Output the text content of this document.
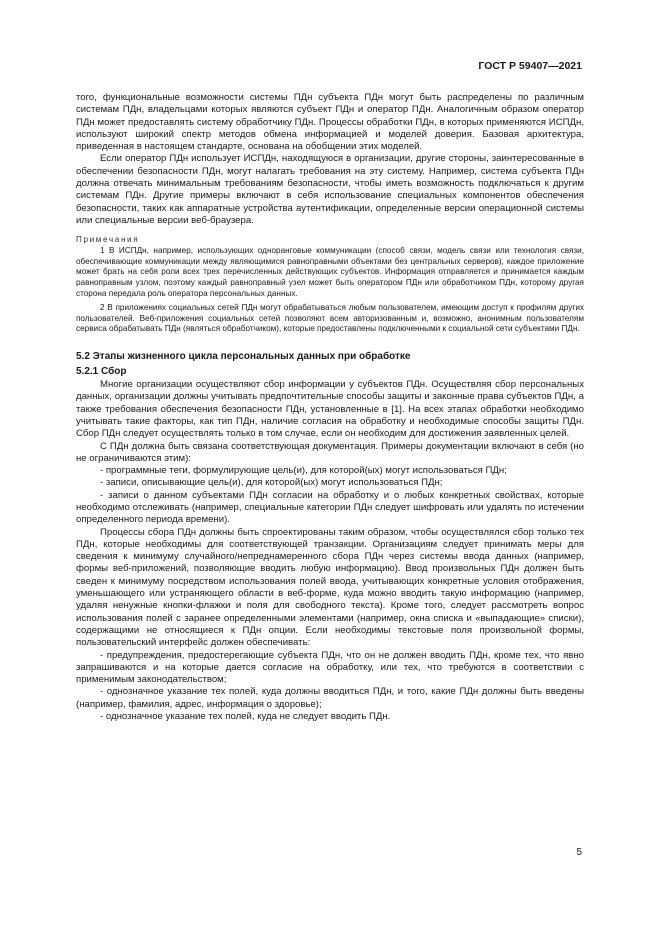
ГОСТ Р 59407—2021

того, функциональные возможности системы ПДн субъекта ПДн могут быть распределены по различным системам ПДн, владельцами которых являются субъект ПДн и оператор ПДн. Аналогичным образом оператор ПДн может предоставлять систему обработчику ПДн. Процессы обработки ПДн, в которых применяются ИСПДн, используют широкий спектр методов обмена информацией и моделей доверия. Базовая архитектура, приведенная в настоящем стандарте, основана на обобщении этих моделей.

Если оператор ПДн использует ИСПДн, находящуюся в организации, другие стороны, заинтересованные в обеспечении безопасности ПДн, могут налагать требования на эту систему. Например, система субъекта ПДн должна отвечать минимальным требованиям безопасности, чтобы иметь возможность подключаться к другим системам ПДн. Другие примеры включают в себя использование специальных компонентов обеспечения безопасности, таких как аппаратные устройства аутентификации, определенные версии операционной системы или специальные версии веб-браузера.

Примечания

1 В ИСПДн, например, использующих одноранговые коммуникации (способ связи, модель связи или технология связи, обеспечивающие коммуникации между являющимися равноправными объектами без центральных серверов), каждое приложение может брать на себя роли всех трех перечисленных действующих субъектов. Информация отправляется и принимается каждым равноправным узлом, поэтому каждый равноправный узел может быть оператором ПДн или обработчиком ПДн, которому другая сторона передала роль оператора персональных данных.

2 В приложениях социальных сетей ПДн могут обрабатываться любым пользователем, имеющим доступ к профилям других пользователей. Веб-приложения социальных сетей позволяют всем авторизованным и, возможно, анонимным пользователям сервиса обрабатывать ПДн (являться обработчиком), которые предоставлены подключенными к социальной сети субъектами ПДн.

5.2 Этапы жизненного цикла персональных данных при обработке
5.2.1 Сбор

Многие организации осуществляют сбор информации у субъектов ПДн. Осуществляя сбор персональных данных, организации должны учитывать предпочтительные способы защиты и законные права субъектов ПДн, а также требования обеспечения безопасности ПДн, установленные в [1]. На всех этапах обработки необходимо учитывать такие факторы, как тип ПДн, наличие согласия на обработку и необходимые способы защиты ПДн. Сбор ПДн следует осуществлять только в том случае, если он необходим для достижения заявленных целей.

С ПДн должна быть связана соответствующая документация. Примеры документации включают в себя (но не ограничиваются этим):

- программные теги, формулирующие цель(и), для которой(ых) могут использоваться ПДн;

- записи, описывающие цель(и), для которой(ых) могут использоваться ПДн;

- записи о данном субъектами ПДн согласии на обработку и о любых конкретных свойствах, которые необходимо отслеживать (например, специальные категории ПДн следует шифровать или удалять по истечении определенного периода времени).

Процессы сбора ПДн должны быть спроектированы таким образом, чтобы осуществлялся сбор только тех ПДн, которые необходимы для соответствующей транзакции. Организациям следует принимать меры для сведения к минимуму случайного/непреднамеренного сбора ПДн через системы ввода данных (например, формы веб-приложений, позволяющие вводить любую информацию). Ввод произвольных ПДн должен быть сведен к минимуму посредством использования полей ввода, учитывающих конкретные условия отображения, уменьшающего или устраняющего области в веб-форме, куда можно вводить такую информацию (например, удаляя ненужные кнопки-флажки и поля для свободного текста). Кроме того, следует рассмотреть вопрос использования полей с заранее определенными элементами (например, окна списка и «выпадающие» списки), содержащими не относящиеся к ПДн опции. Если необходимы текстовые поля произвольной формы, пользовательский интерфейс должен обеспечивать:

- предупреждения, предостерегающие субъекта ПДн, что он не должен вводить ПДн, кроме тех, что явно запрашиваются и на которые дается согласие на обработку, или тех, что требуются в соответствии с применимым законодательством;

- однозначное указание тех полей, куда должны вводиться ПДн, и того, какие ПДн должны быть введены (например, фамилия, адрес, информация о здоровье);

- однозначное указание тех полей, куда не следует вводить ПДн.

5
